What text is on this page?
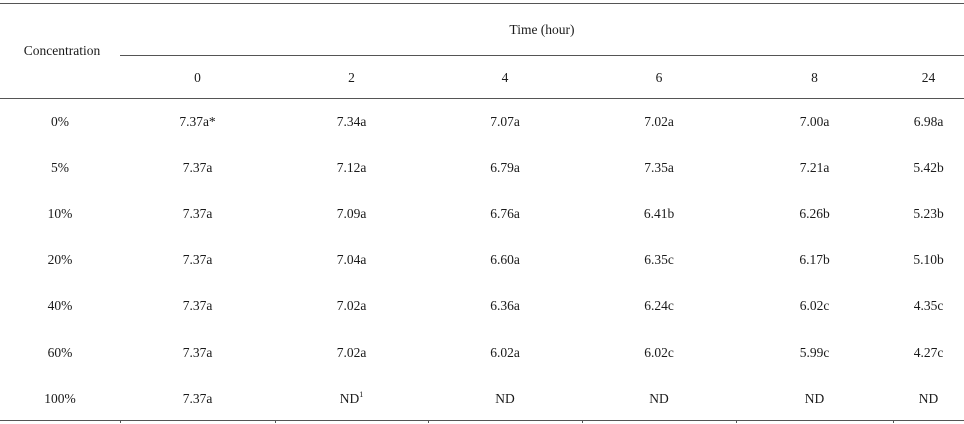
Concentration
Time (hour)
0	2	4	6	8	24
0%	7.37a*	7.34a	7.07a	7.02a	7.00a	6.98a
5%	7.37a	7.12a	6.79a	7.35a	7.21a	5.42b
10%	7.37a	7.09a	6.76a	6.41b	6.26b	5.23b
20%	7.37a	7.04a	6.60a	6.35c	6.17b	5.10b
40%	7.37a	7.02a	6.36a	6.24c	6.02c	4.35c
60%	7.37a	7.02a	6.02a	6.02c	5.99c	4.27c
100%	7.37a	$ND^1$	ND	ND	ND	ND
